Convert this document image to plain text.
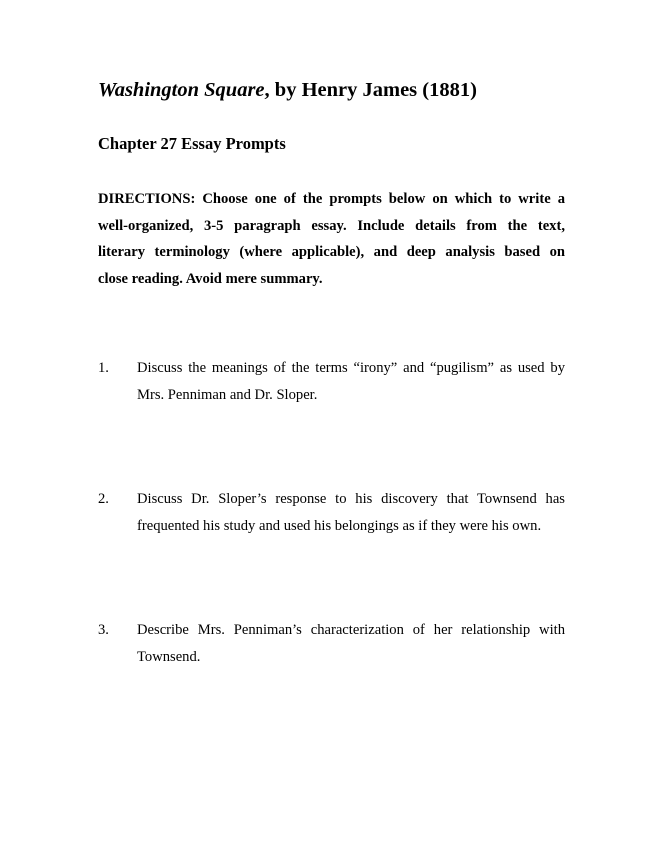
Washington Square, by Henry James (1881)
Chapter 27 Essay Prompts
DIRECTIONS: Choose one of the prompts below on which to write a
well-organized, 3-5 paragraph essay. Include details from the text,
literary terminology (where applicable), and deep analysis based on
close reading. Avoid mere summary.
1. Discuss the meanings of the terms “irony” and “pugilism” as used by
Mrs. Penniman and Dr. Sloper.
2. Discuss Dr. Sloper’s response to his discovery that Townsend has
frequented his study and used his belongings as if they were his own.
3. Describe Mrs. Penniman’s characterization of her relationship with
Townsend.
